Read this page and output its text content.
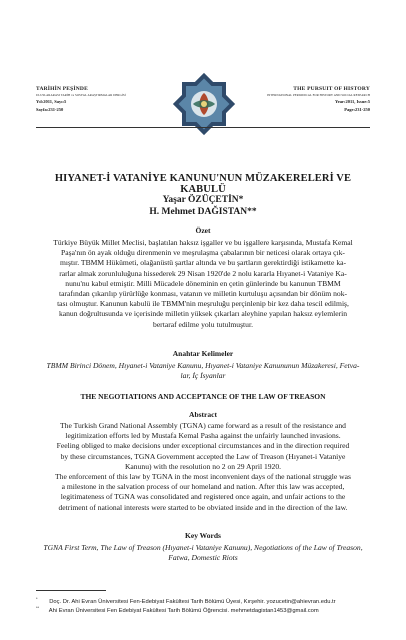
TARİHİN PEŞİNDE
ULUSLARARASI TARİH ve SOSYAL ARAŞTIRMALAR DERGİSİ
Yıl:2011, Sayı:5
Sayfa:231-250
THE PURSUIT OF HISTORY
INTERNATIONAL PERIODICAL FOR HISTORY AND SOCIAL RESEARCH
Year:2011, Issue:5
Page:231-250
HIYANET-İ VATANİYE KANUNU'NUN MÜZAKERELERİ VE KABULÜ
Yaşar ÖZÜÇETİN*
H. Mehmet DAĞISTAN**
Özet
Türkiye Büyük Millet Meclisi, başlatılan haksız işgaller ve bu işgallere karşısında, Mustafa Kemal
Paşa'nın ön ayak olduğu direnmenin ve meşrulaşma çabalarının bir neticesi olarak ortaya çık-
mıştır. TBMM Hükümeti, olağanüstü şartlar altında ve bu şartların gerektirdiği istikamette ka-
rarlar almak zorunluluğuna hissederek 29 Nisan 1920'de 2 nolu kararla Hıyanet-i Vataniye Ka-
nunu'nu kabul etmiştir. Milli Mücadele döneminin en çetin günlerinde bu kanunun TBMM
tarafından çıkarılıp yürürlüğe konması, vatanın ve milletin kurtuluşu açısından bir dönüm nok-
tası olmuştur. Kanunun kabulü ile TBMM'nin meşruluğu perçinlenip bir kez daha tescil edilmiş,
kanun doğrultusunda ve içerisinde milletin yüksek çıkarları aleyhine yapılan haksız eylemlerin
bertaraf edilme yolu tutulmuştur.
Anahtar Kelimeler
TBMM Birinci Dönem, Hıyanet-i Vataniye Kanunu, Hıyanet-i Vataniye Kanununun Müzakeresi, Fetva-
lar, İç İsyanlar
THE NEGOTIATIONS AND ACCEPTANCE OF THE LAW OF TREASON
Abstract
The Turkish Grand National Assembly (TGNA) came forward as a result of the resistance and
legitimization efforts led by Mustafa Kemal Pasha against the unfairly launched invasions.
Feeling obliged to make decisions under exceptional circumstances and in the direction required
by these circumstances, TGNA Government accepted the Law of Treason (Hıyanet-i Vataniye
Kanunu) with the resolution no 2 on 29 April 1920.
The enforcement of this law by TGNA in the most inconvenient days of the national struggle was
a milestone in the salvation process of our homeland and nation. After this law was accepted,
legitimateness of TGNA was consolidated and registered once again, and unfair actions to the
detriment of national interests were started to be obviated inside and in the direction of the law.
Key Words
TGNA First Term, The Law of Treason (Hıyanet-i Vataniye Kanunu), Negotiations of the Law of Treason,
Fatwa, Domestic Riots
* Doç. Dr. Ahi Evran Üniversitesi Fen-Edebiyat Fakültesi Tarih Bölümü Üyesi, Kırşehir. yozucetin@ahievran.edu.tr
** Ahi Evran Üniversitesi Fen Edebiyat Fakültesi Tarih Bölümü Öğrencisi. mehmetdagistan1453@gmail.com
